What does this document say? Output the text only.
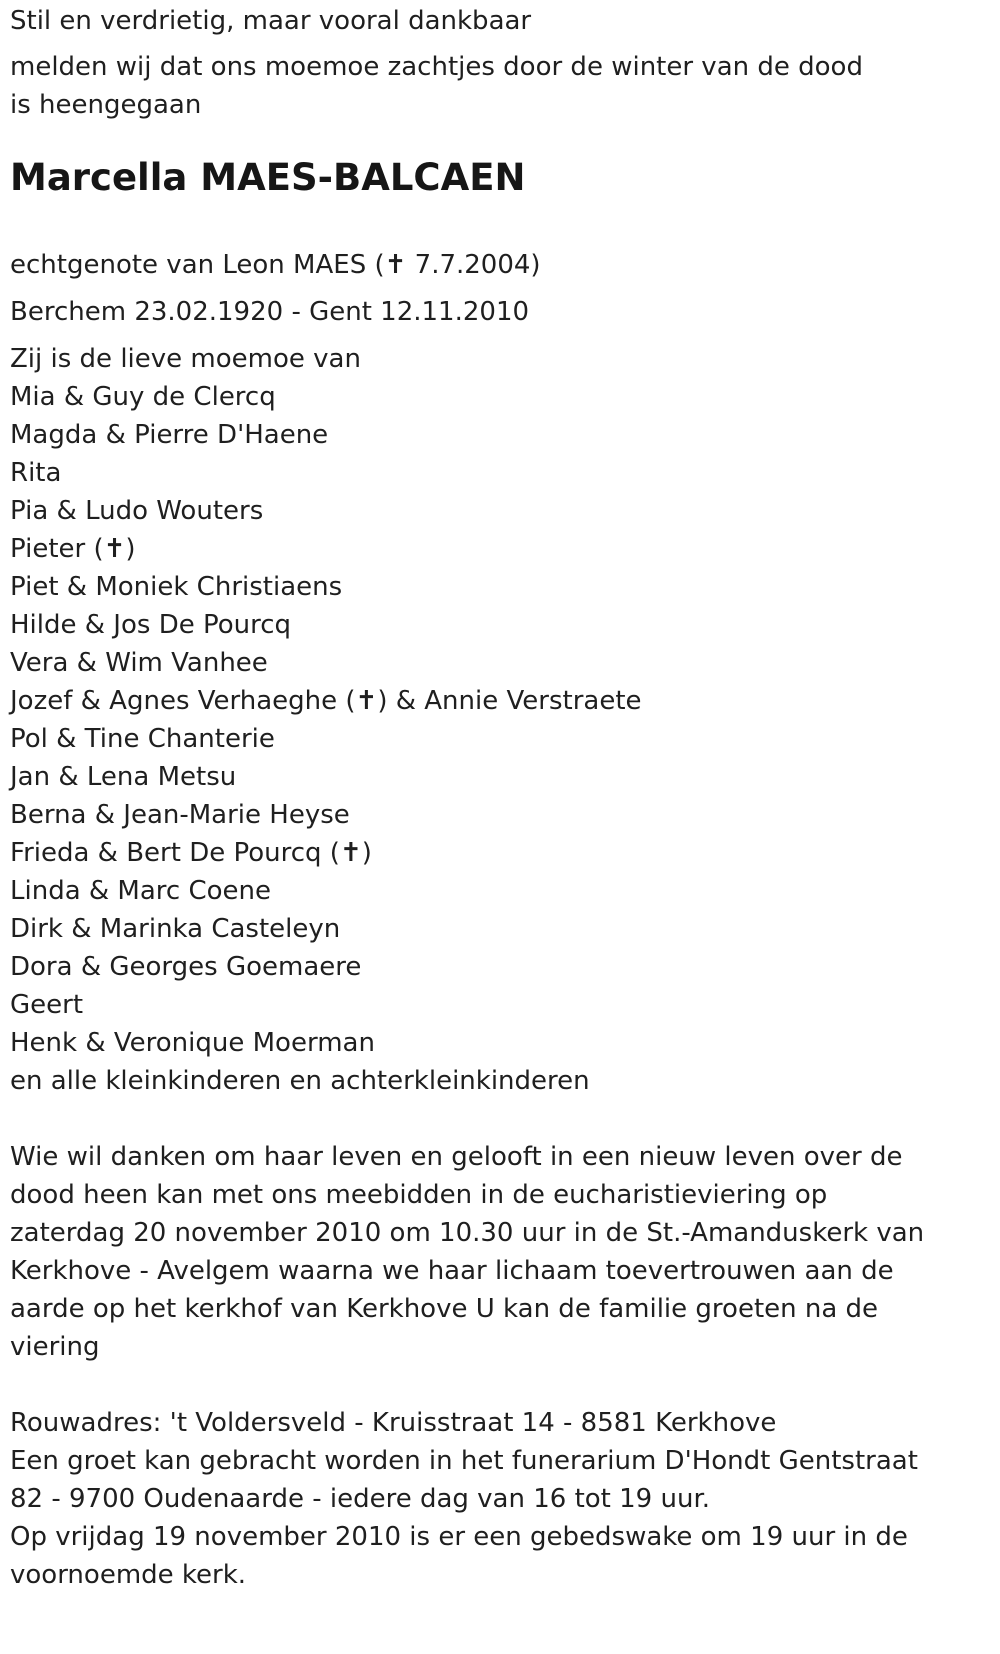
Stil en verdrietig, maar vooral dankbaar
melden wij dat ons moemoe zachtjes door de winter van de dood is heengegaan
Marcella MAES-BALCAEN
echtgenote van Leon MAES (✝ 7.7.2004)
Berchem 23.02.1920 - Gent 12.11.2010
Zij is de lieve moemoe van
Mia & Guy de Clercq
Magda & Pierre D'Haene
Rita
Pia & Ludo Wouters
Pieter (✝)
Piet & Moniek Christiaens
Hilde & Jos De Pourcq
Vera & Wim Vanhee
Jozef & Agnes Verhaeghe (✝) & Annie Verstraete
Pol & Tine Chanterie
Jan & Lena Metsu
Berna & Jean-Marie Heyse
Frieda & Bert De Pourcq (✝)
Linda & Marc Coene
Dirk & Marinka Casteleyn
Dora & Georges Goemaere
Geert
Henk & Veronique Moerman
en alle kleinkinderen en achterkleinkinderen
Wie wil danken om haar leven en gelooft in een nieuw leven over de dood heen kan met ons meebidden in de eucharistieviering op zaterdag 20 november 2010 om 10.30 uur in de St.-Amanduskerk van Kerkhove - Avelgem waarna we haar lichaam toevertrouwen aan de aarde op het kerkhof van Kerkhove U kan de familie groeten na de viering
Rouwadres: 't Voldersveld - Kruisstraat 14 - 8581 Kerkhove
Een groet kan gebracht worden in het funerarium D'Hondt Gentstraat 82 - 9700 Oudenaarde - iedere dag van 16 tot 19 uur.
Op vrijdag 19 november 2010 is er een gebedswake om 19 uur in de voornoemde kerk.
